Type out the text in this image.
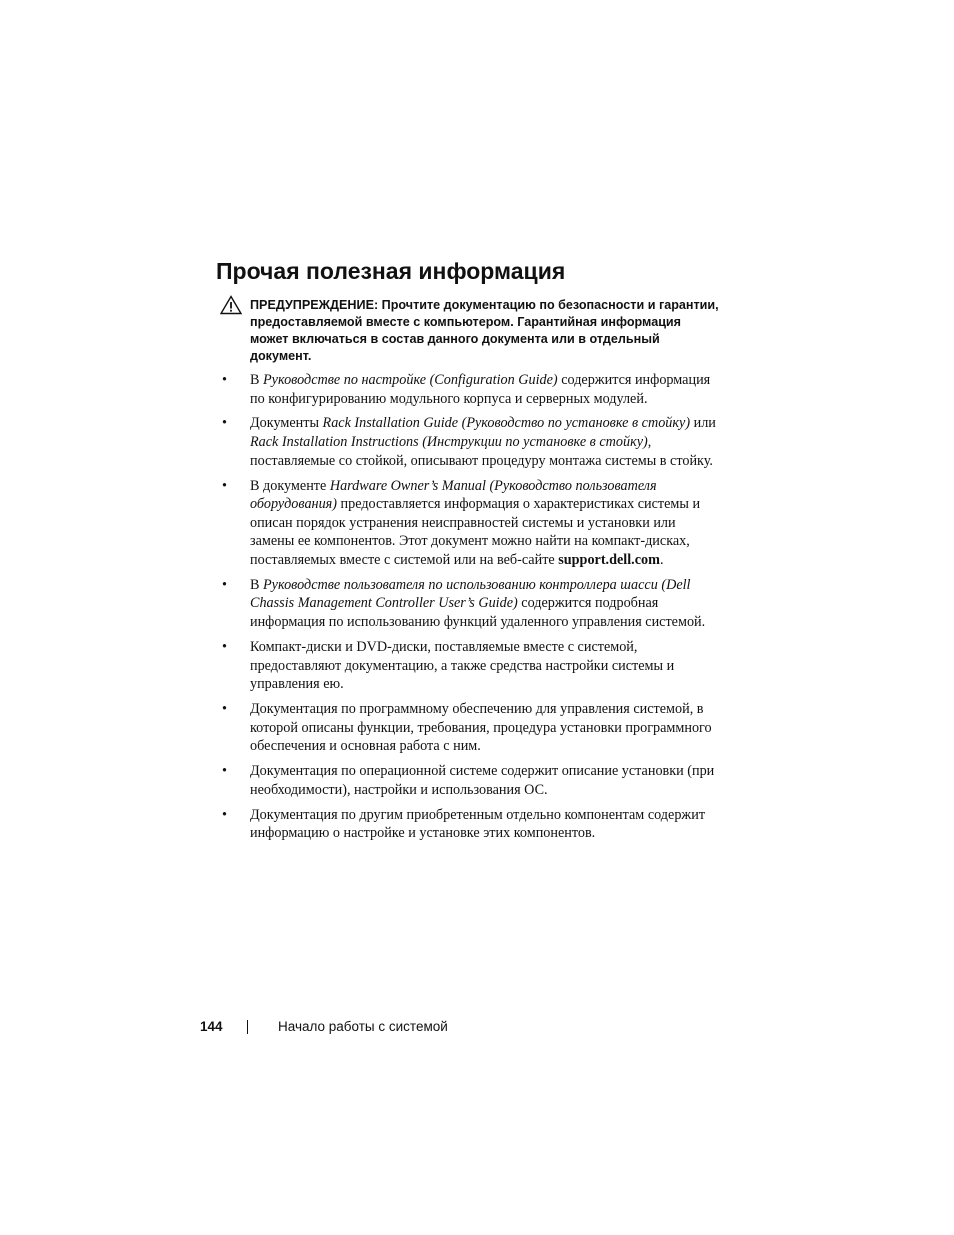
Прочая полезная информация

ПРЕДУПРЕЖДЕНИЕ: Прочтите документацию по безопасности и гарантии, предоставляемой вместе с компьютером. Гарантийная информация может включаться в состав данного документа или в отдельный документ.

• В Руководстве по настройке (Configuration Guide) содержится информация по конфигурированию модульного корпуса и серверных модулей.
• Документы Rack Installation Guide (Руководство по установке в стойку) или Rack Installation Instructions (Инструкции по установке в стойку), поставляемые со стойкой, описывают процедуру монтажа системы в стойку.
• В документе Hardware Owner’s Manual (Руководство пользователя оборудования) предоставляется информация о характеристиках системы и описан порядок устранения неисправностей системы и установки или замены ее компонентов. Этот документ можно найти на компакт-дисках, поставляемых вместе с системой или на веб-сайте support.dell.com.
• В Руководстве пользователя по использованию контроллера шасси (Dell Chassis Management Controller User’s Guide) содержится подробная информация по использованию функций удаленного управления системой.
• Компакт-диски и DVD-диски, поставляемые вместе с системой, предоставляют документацию, а также средства настройки системы и управления ею.
• Документация по программному обеспечению для управления системой, в которой описаны функции, требования, процедура установки программного обеспечения и основная работа с ним.
• Документация по операционной системе содержит описание установки (при необходимости), настройки и использования ОС.
• Документация по другим приобретенным отдельно компонентам содержит информацию о настройке и установке этих компонентов.
144	Начало работы с системой
